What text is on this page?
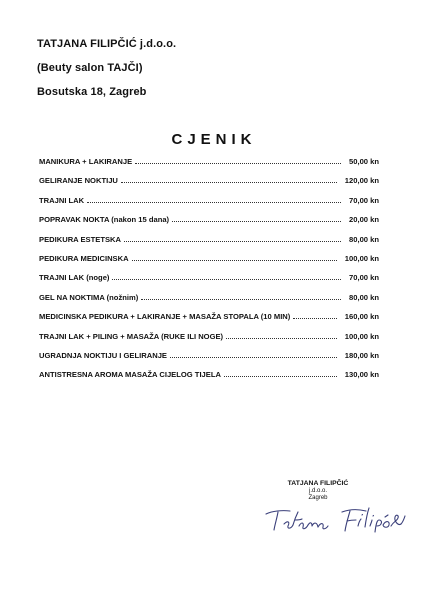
TATJANA FILIPČIĆ j.d.o.o.
(Beuty salon TAJČI)
Bosutska 18, Zagreb
CJENIK
MANIKURA + LAKIRANJE	50,00 kn
GELIRANJE NOKTIJU	120,00 kn
TRAJNI LAK	70,00 kn
POPRAVAK NOKTA (nakon 15 dana)	20,00 kn
PEDIKURA ESTETSKA	80,00 kn
PEDIKURA MEDICINSKA	100,00 kn
TRAJNI LAK (noge)	70,00 kn
GEL NA NOKTIMA (nožnim)	80,00 kn
MEDICINSKA PEDIKURA + LAKIRANJE + MASAŽA STOPALA (10 MIN)	160,00 kn
TRAJNI LAK + PILING + MASAŽA (RUKE ILI NOGE)	100,00 kn
UGRADNJA NOKTIJU I GELIRANJE	180,00 kn
ANTISTRESNA AROMA MASAŽA CIJELOG TIJELA	130,00 kn
TATJANA FILIPČIĆ
j.d.o.o.
Zagreb
